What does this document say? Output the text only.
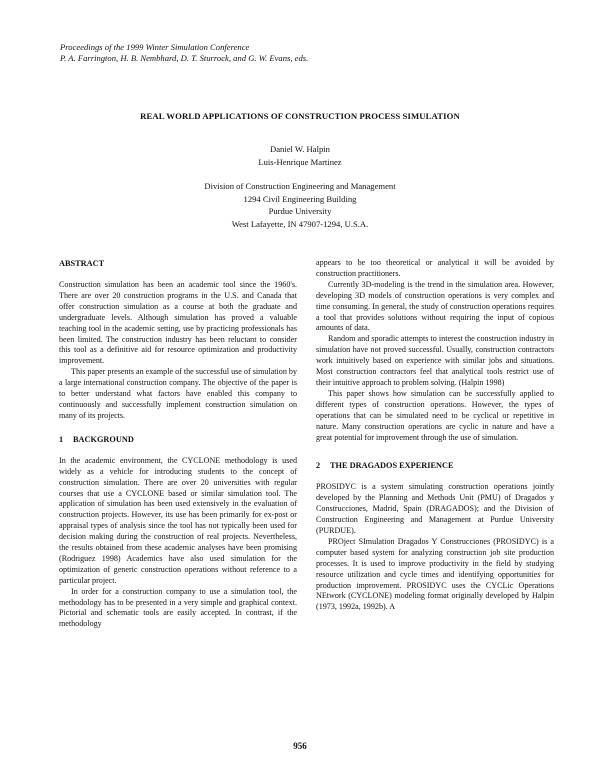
Proceedings of the 1999 Winter Simulation Conference
P. A. Farrington, H. B. Nembhard, D. T. Sturrock, and G. W. Evans, eds.
REAL WORLD APPLICATIONS OF CONSTRUCTION PROCESS SIMULATION
Daniel W. Halpin
Luis-Henrique Martinez
Division of Construction Engineering and Management
1294 Civil Engineering Building
Purdue University
West Lafayette, IN 47907-1294, U.S.A.
ABSTRACT

Construction simulation has been an academic tool since the 1960's. There are over 20 construction programs in the U.S. and Canada that offer construction simulation as a course at both the graduate and undergraduate levels. Although simulation has proved a valuable teaching tool in the academic setting, use by practicing professionals has been limited. The construction industry has been reluctant to consider this tool as a definitive aid for resource optimization and productivity improvement.

This paper presents an example of the successful use of simulation by a large international construction company. The objective of the paper is to better understand what factors have enabled this company to continuously and successfully implement construction simulation on many of its projects.

1	BACKGROUND

In the academic environment, the CYCLONE methodology is used widely as a vehicle for introducing students to the concept of construction simulation. There are over 20 universities with regular courses that use a CYCLONE based or similar simulation tool. The application of simulation has been used extensively in the evaluation of construction projects. However, its use has been primarily for ex-post or appraisal types of analysis since the tool has not typically been used for decision making during the construction of real projects. Nevertheless, the results obtained from these academic analyses have been promising (Rodriguez 1998) Academics have also used simulation for the optimization of generic construction operations without reference to a particular project.

In order for a construction company to use a simulation tool, the methodology has to be presented in a very simple and graphical context. Pictorial and schematic tools are easily accepted. In contrast, if the methodology

appears to be too theoretical or analytical it will be avoided by construction practitioners.

Currently 3D-modeling is the trend in the simulation area. However, developing 3D models of construction operations is very complex and time consuming. In general, the study of construction operations requires a tool that provides solutions without requiring the input of copious amounts of data.

Random and sporadic attempts to interest the construction industry in simulation have not proved successful. Usually, construction contractors work intuitively based on experience with similar jobs and situations. Most construction contractors feel that analytical tools restrict use of their intuitive approach to problem solving. (Halpin 1998)

This paper shows how simulation can be successfully applied to different types of construction operations. However, the types of operations that can be simulated need to be cyclical or repetitive in nature. Many construction operations are cyclic in nature and have a great potential for improvement through the use of simulation.

2	THE DRAGADOS EXPERIENCE

PROSIDYC is a system simulating construction operations jointly developed by the Planning and Methods Unit (PMU) of Dragados y Construcciones, Madrid, Spain (DRAGADOS); and the Division of Construction Engineering and Management at Purdue University (PURDUE).

PROject SImulation Dragados Y Construcciones (PROSIDYC) is a computer based system for analyzing construction job site production processes. It is used to improve productivity in the field by studying resource utilization and cycle times and identifying opportunities for production improvement. PROSIDYC uses the CYCLic Operations NEtwork (CYCLONE) modeling format originally developed by Halpin (1973, 1992a, 1992b). A

956
